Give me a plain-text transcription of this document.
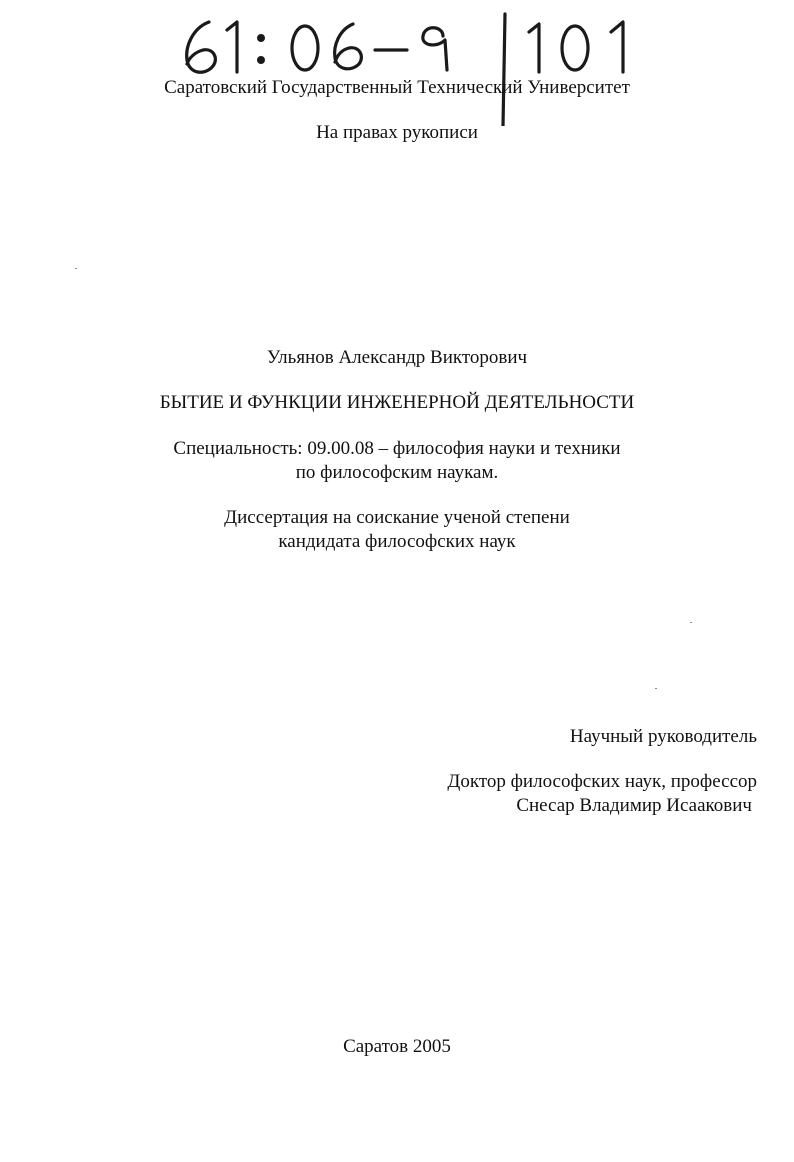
Саратовский Государственный Технический Университет
На правах рукописи
Ульянов Александр Викторович
БЫТИЕ И ФУНКЦИИ ИНЖЕНЕРНОЙ ДЕЯТЕЛЬНОСТИ
Специальность: 09.00.08 – философия науки и техники
по философским наукам.
Диссертация на соискание ученой степени
кандидата философских наук
Научный руководитель
Доктор философских наук, профессор
Снесар Владимир Исаакович
Саратов 2005
